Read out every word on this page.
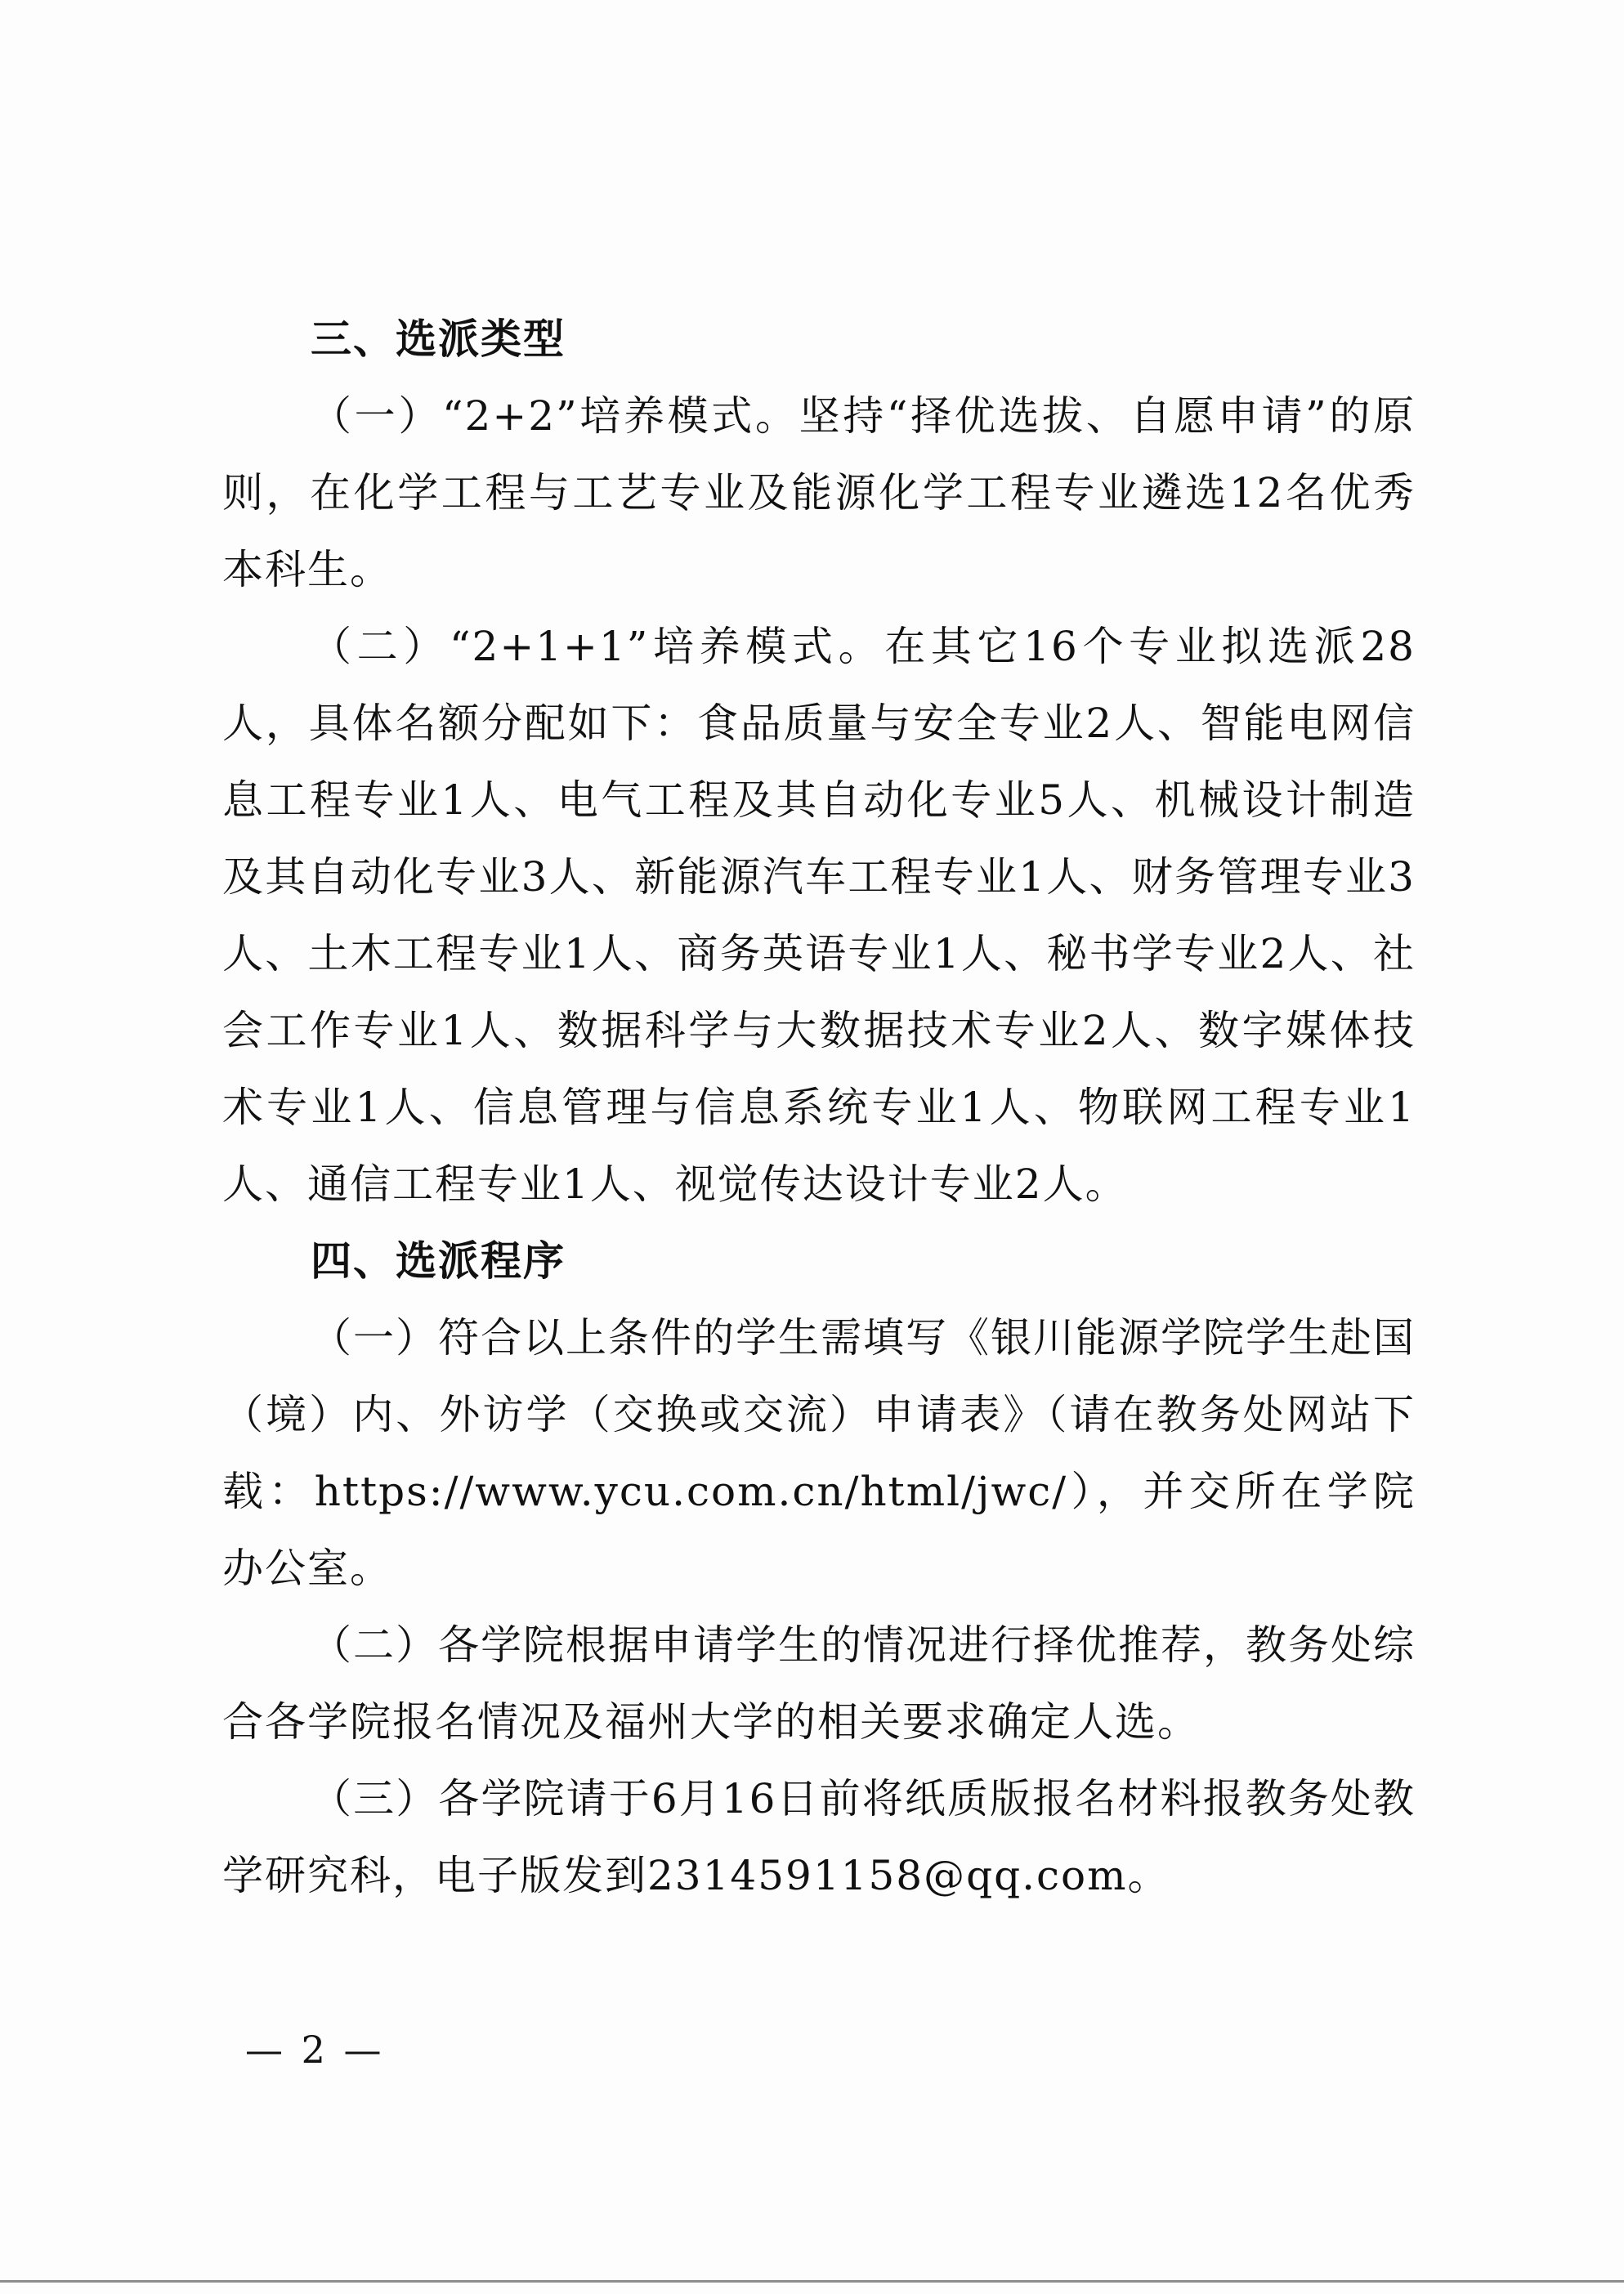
三、选派类型

（一）“2+2”培养模式。坚持“择优选拔、自愿申请”的原则，在化学工程与工艺专业及能源化学工程专业遴选12名优秀本科生。

（二）“2+1+1”培养模式。在其它16个专业拟选派28人，具体名额分配如下：食品质量与安全专业2人、智能电网信息工程专业1人、电气工程及其自动化专业5人、机械设计制造及其自动化专业3人、新能源汽车工程专业1人、财务管理专业3人、土木工程专业1人、商务英语专业1人、秘书学专业2人、社会工作专业1人、数据科学与大数据技术专业2人、数字媒体技术专业1人、信息管理与信息系统专业1人、物联网工程专业1人、通信工程专业1人、视觉传达设计专业2人。

四、选派程序

（一）符合以上条件的学生需填写《银川能源学院学生赴国（境）内、外访学（交换或交流）申请表》（请在教务处网站下载：https://www.ycu.com.cn/html/jwc/），并交所在学院办公室。

（二）各学院根据申请学生的情况进行择优推荐，教务处综合各学院报名情况及福州大学的相关要求确定人选。

（三）各学院请于6月16日前将纸质版报名材料报教务处教学研究科，电子版发到2314591158@qq.com。

— 2 —
